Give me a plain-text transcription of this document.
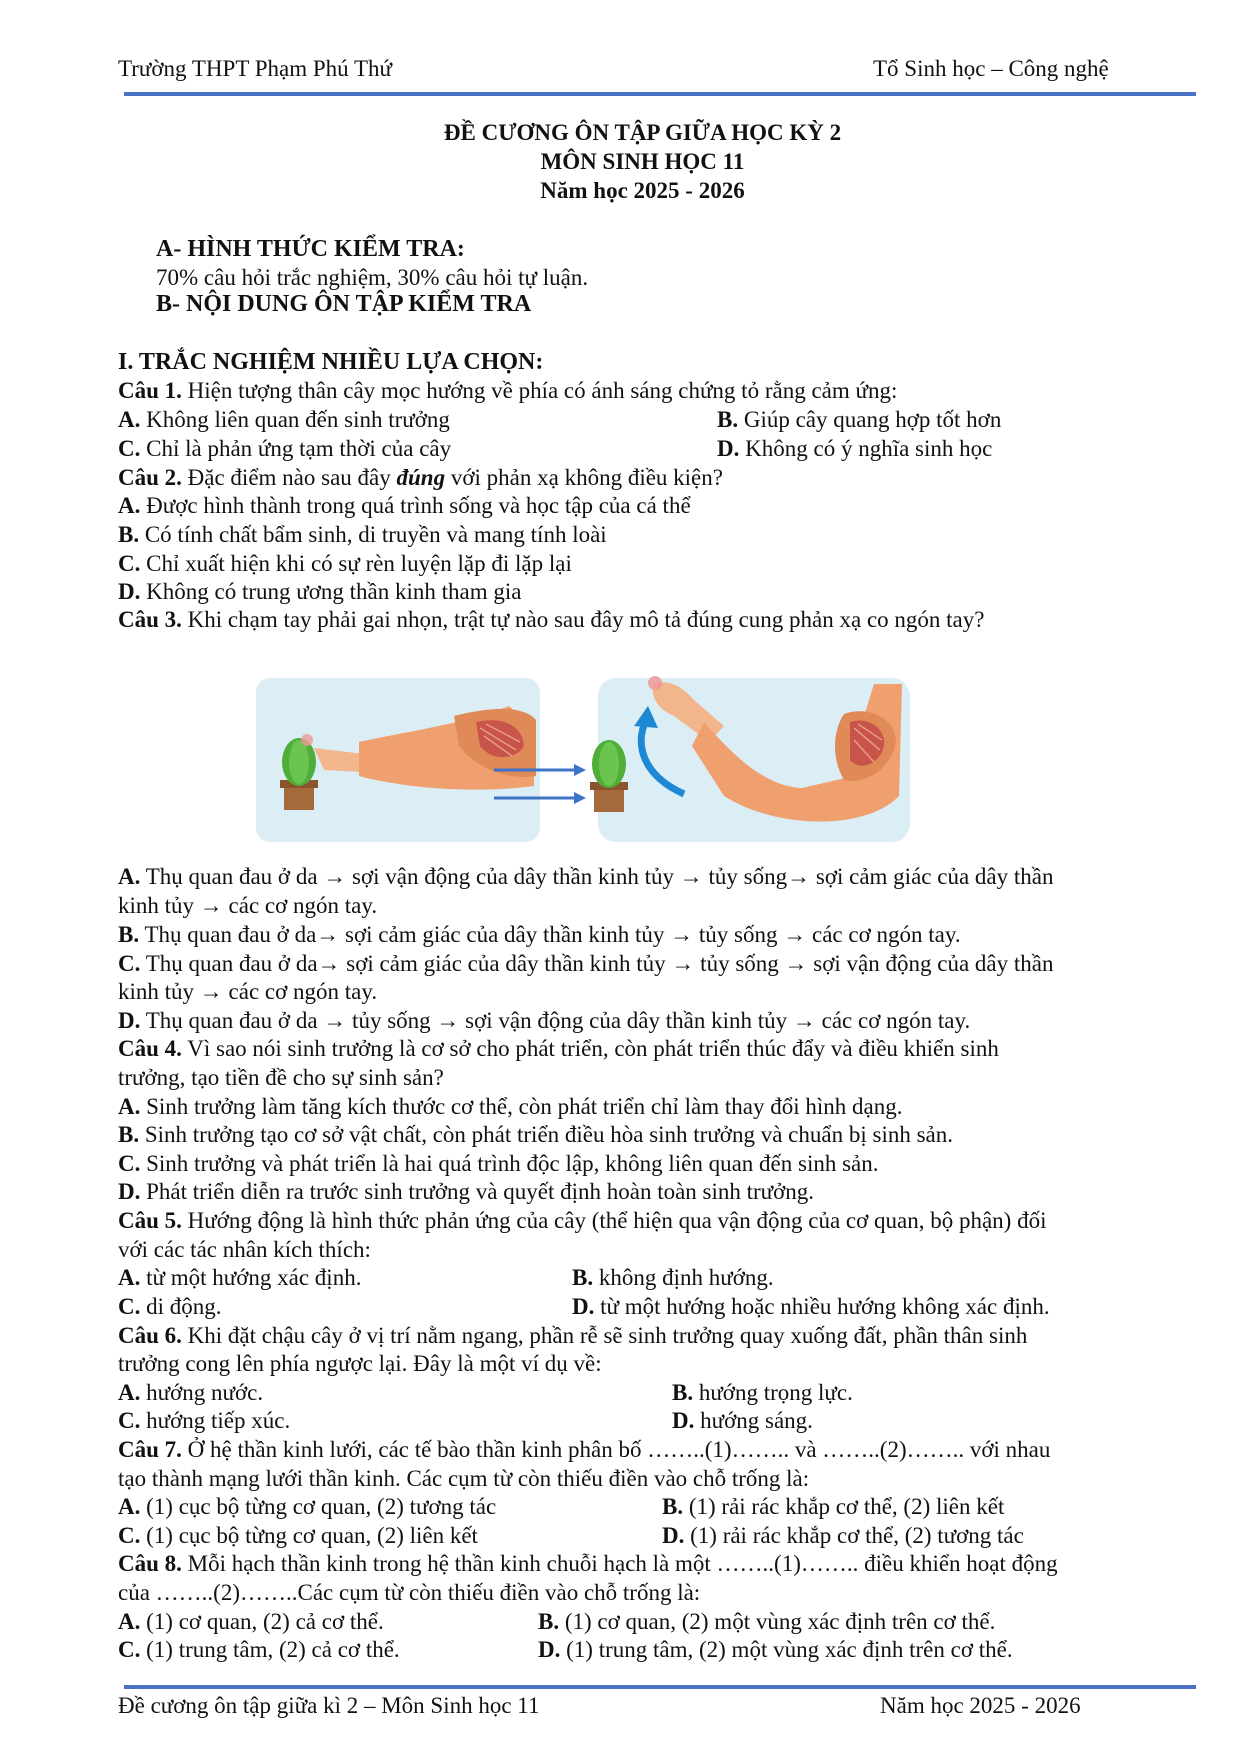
Trường THPT Phạm Phú Thứ	Tổ Sinh học – Công nghệ
ĐỀ CƯƠNG ÔN TẬP GIỮA HỌC KỲ 2
MÔN SINH HỌC 11
Năm học 2025 - 2026
A- HÌNH THỨC KIỂM TRA:
70% câu hỏi trắc nghiệm, 30% câu hỏi tự luận.
B- NỘI DUNG ÔN TẬP KIỂM TRA
I. TRẮC NGHIỆM NHIỀU LỰA CHỌN:
Câu 1. Hiện tượng thân cây mọc hướng về phía có ánh sáng chứng tỏ rằng cảm ứng:
A. Không liên quan đến sinh trưởng	B. Giúp cây quang hợp tốt hơn
C. Chỉ là phản ứng tạm thời của cây	D. Không có ý nghĩa sinh học
Câu 2. Đặc điểm nào sau đây đúng với phản xạ không điều kiện?
A. Được hình thành trong quá trình sống và học tập của cá thể
B. Có tính chất bẩm sinh, di truyền và mang tính loài
C. Chỉ xuất hiện khi có sự rèn luyện lặp đi lặp lại
D. Không có trung ương thần kinh tham gia
Câu 3. Khi chạm tay phải gai nhọn, trật tự nào sau đây mô tả đúng cung phản xạ co ngón tay?
A. Thụ quan đau ở da → sợi vận động của dây thần kinh tủy → tủy sống→ sợi cảm giác của dây thần
kinh tủy → các cơ ngón tay.
B. Thụ quan đau ở da→ sợi cảm giác của dây thần kinh tủy → tủy sống → các cơ ngón tay.
C. Thụ quan đau ở da→ sợi cảm giác của dây thần kinh tủy → tủy sống → sợi vận động của dây thần
kinh tủy → các cơ ngón tay.
D. Thụ quan đau ở da → tủy sống → sợi vận động của dây thần kinh tủy → các cơ ngón tay.
Câu 4. Vì sao nói sinh trưởng là cơ sở cho phát triển, còn phát triển thúc đẩy và điều khiển sinh
trưởng, tạo tiền đề cho sự sinh sản?
A. Sinh trưởng làm tăng kích thước cơ thể, còn phát triển chỉ làm thay đổi hình dạng.
B. Sinh trưởng tạo cơ sở vật chất, còn phát triển điều hòa sinh trưởng và chuẩn bị sinh sản.
C. Sinh trưởng và phát triển là hai quá trình độc lập, không liên quan đến sinh sản.
D. Phát triển diễn ra trước sinh trưởng và quyết định hoàn toàn sinh trưởng.
Câu 5. Hướng động là hình thức phản ứng của cây (thể hiện qua vận động của cơ quan, bộ phận) đối
với các tác nhân kích thích:
A. từ một hướng xác định.	B. không định hướng.
C. di động.	D. từ một hướng hoặc nhiều hướng không xác định.
Câu 6. Khi đặt chậu cây ở vị trí nằm ngang, phần rễ sẽ sinh trưởng quay xuống đất, phần thân sinh
trưởng cong lên phía ngược lại. Đây là một ví dụ về:
A. hướng nước.	B. hướng trọng lực.
C. hướng tiếp xúc.	D. hướng sáng.
Câu 7. Ở hệ thần kinh lưới, các tế bào thần kinh phân bố ……..(1)…….. và ……..(2)…….. với nhau
tạo thành mạng lưới thần kinh. Các cụm từ còn thiếu điền vào chỗ trống là:
A. (1) cục bộ từng cơ quan, (2) tương tác	B. (1) rải rác khắp cơ thể, (2) liên kết
C. (1) cục bộ từng cơ quan, (2) liên kết	D. (1) rải rác khắp cơ thể, (2) tương tác
Câu 8. Mỗi hạch thần kinh trong hệ thần kinh chuỗi hạch là một ……..(1)…….. điều khiển hoạt động
của ……..(2)……..Các cụm từ còn thiếu điền vào chỗ trống là:
A. (1) cơ quan, (2) cả cơ thể.	B. (1) cơ quan, (2) một vùng xác định trên cơ thể.
C. (1) trung tâm, (2) cả cơ thể.	D. (1) trung tâm, (2) một vùng xác định trên cơ thể.
Đề cương ôn tập giữa kì 2 – Môn Sinh học 11	Năm học 2025 - 2026
